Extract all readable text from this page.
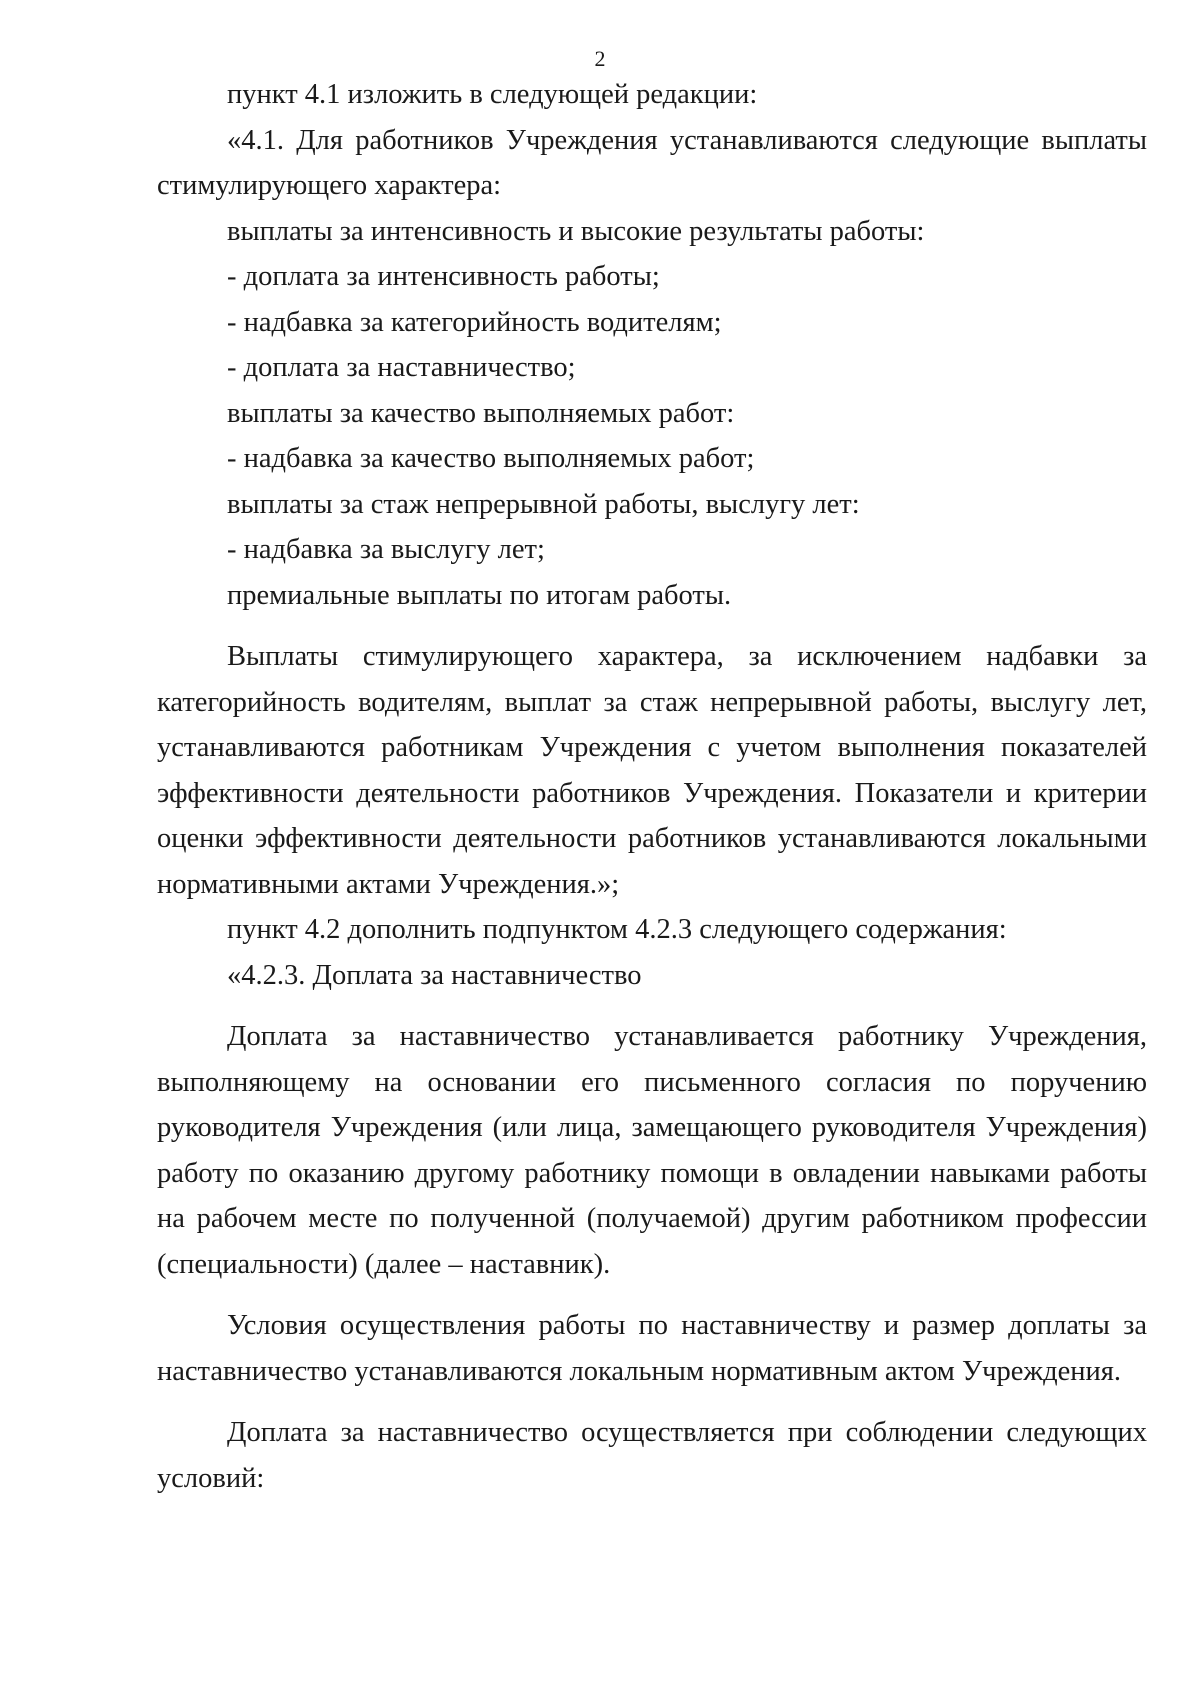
2

пункт 4.1 изложить в следующей редакции:

«4.1. Для работников Учреждения устанавливаются следующие выплаты стимулирующего характера:

выплаты за интенсивность и высокие результаты работы:

- доплата за интенсивность работы;

- надбавка за категорийность водителям;

- доплата за наставничество;

выплаты за качество выполняемых работ:

- надбавка за качество выполняемых работ;

выплаты за стаж непрерывной работы, выслугу лет:

- надбавка за выслугу лет;

премиальные выплаты по итогам работы.

Выплаты стимулирующего характера, за исключением надбавки за категорийность водителям, выплат за стаж непрерывной работы, выслугу лет, устанавливаются работникам Учреждения с учетом выполнения показателей эффективности деятельности работников Учреждения. Показатели и критерии оценки эффективности деятельности работников устанавливаются локальными нормативными актами Учреждения.»;

пункт 4.2 дополнить подпунктом 4.2.3 следующего содержания:

«4.2.3. Доплата за наставничество

Доплата за наставничество устанавливается работнику Учреждения, выполняющему на основании его письменного согласия по поручению руководителя Учреждения (или лица, замещающего руководителя Учреждения) работу по оказанию другому работнику помощи в овладении навыками работы на рабочем месте по полученной (получаемой) другим работником профессии (специальности) (далее – наставник).

Условия осуществления работы по наставничеству и размер доплаты за наставничество устанавливаются локальным нормативным актом Учреждения.

Доплата за наставничество осуществляется при соблюдении следующих условий:
